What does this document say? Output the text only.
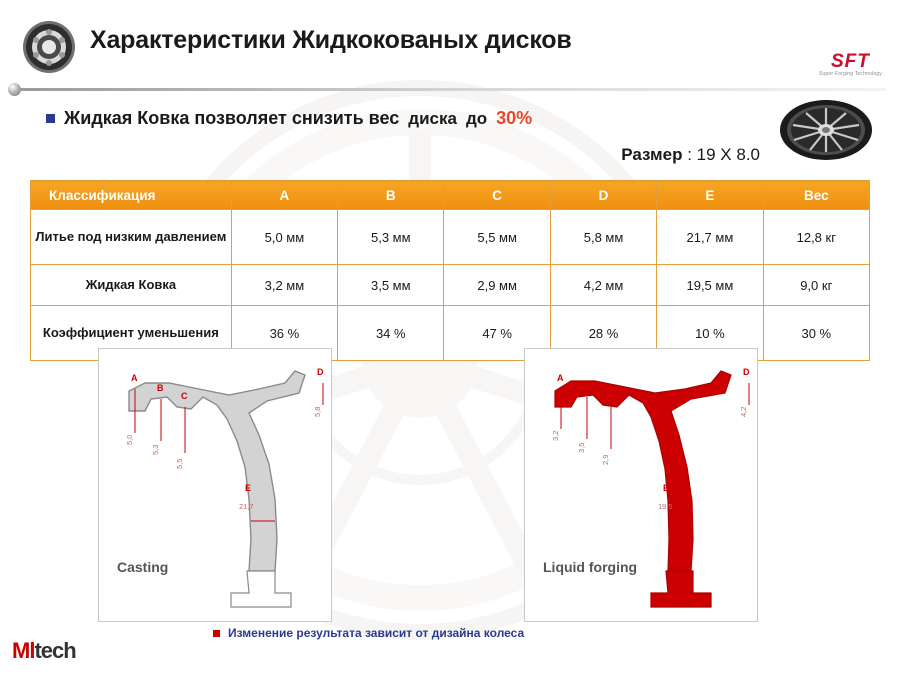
Характеристики Жидкокованых дисков
SFT
Super Forging Technology
Жидкая Ковка позволяет снизить вес диска до 30%
Размер : 19 X 8.0
Классификация	A	B	C	D	E	Вес
Литье под низким давлением	5,0 мм	5,3 мм	5,5 мм	5,8 мм	21,7 мм	12,8 кг
Жидкая Ковка	3,2 мм	3,5 мм	2,9 мм	4,2 мм	19,5 мм	9,0 кг
Коэффициент уменьшения	36 %	34 %	47 %	28 %	10 %	30 %
A
B
C
D
E
5,0
5,3
5,5
5,8
21,7
Casting
A
B
C
D
E
3,2
3,5
2,9
4,2
19,5
Liquid forging
Изменение результата зависит от дизайна колеса
Mltech
